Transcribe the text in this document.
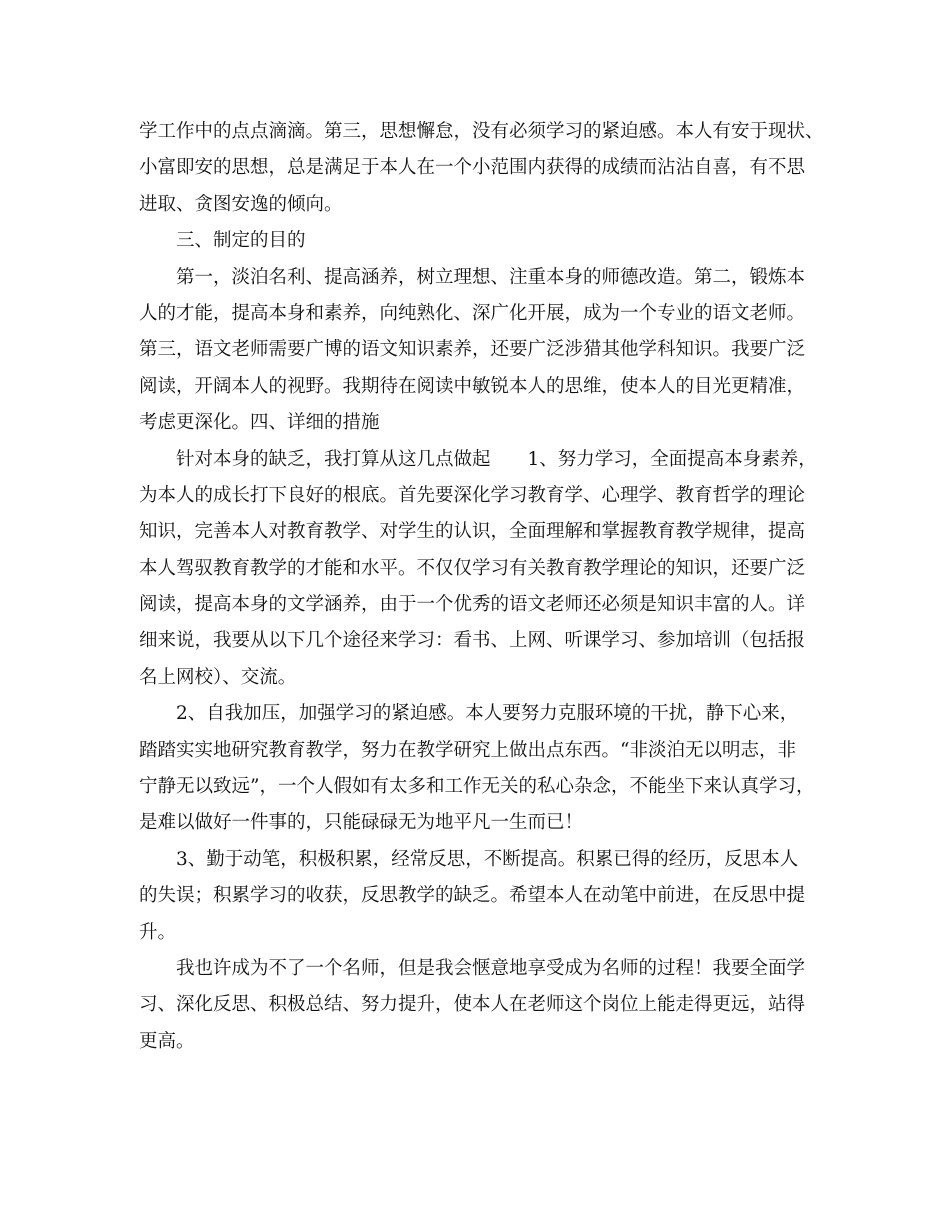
学工作中的点点滴滴。第三，思想懈怠，没有必须学习的紧迫感。本人有安于现状、
小富即安的思想，总是满足于本人在一个小范围内获得的成绩而沾沾自喜，有不思
进取、贪图安逸的倾向。
三、制定的目的
第一，淡泊名利、提高涵养，树立理想、注重本身的师德改造。第二，锻炼本
人的才能，提高本身和素养，向纯熟化、深广化开展，成为一个专业的语文老师。
第三，语文老师需要广博的语文知识素养，还要广泛涉猎其他学科知识。我要广泛
阅读，开阔本人的视野。我期待在阅读中敏锐本人的思维，使本人的目光更精准，
考虑更深化。四、详细的措施
针对本身的缺乏，我打算从这几点做起　　1、努力学习，全面提高本身素养，
为本人的成长打下良好的根底。首先要深化学习教育学、心理学、教育哲学的理论
知识，完善本人对教育教学、对学生的认识，全面理解和掌握教育教学规律，提高
本人驾驭教育教学的才能和水平。不仅仅学习有关教育教学理论的知识，还要广泛
阅读，提高本身的文学涵养，由于一个优秀的语文老师还必须是知识丰富的人。详
细来说，我要从以下几个途径来学习：看书、上网、听课学习、参加培训（包括报
名上网校）、交流。
2、自我加压，加强学习的紧迫感。本人要努力克服环境的干扰，静下心来，
踏踏实实地研究教育教学，努力在教学研究上做出点东西。“非淡泊无以明志，非
宁静无以致远”，一个人假如有太多和工作无关的私心杂念，不能坐下来认真学习，
是难以做好一件事的，只能碌碌无为地平凡一生而已！
3、勤于动笔，积极积累，经常反思，不断提高。积累已得的经历，反思本人
的失误；积累学习的收获，反思教学的缺乏。希望本人在动笔中前进，在反思中提
升。
我也许成为不了一个名师，但是我会惬意地享受成为名师的过程！我要全面学
习、深化反思、积极总结、努力提升，使本人在老师这个岗位上能走得更远，站得
更高。
